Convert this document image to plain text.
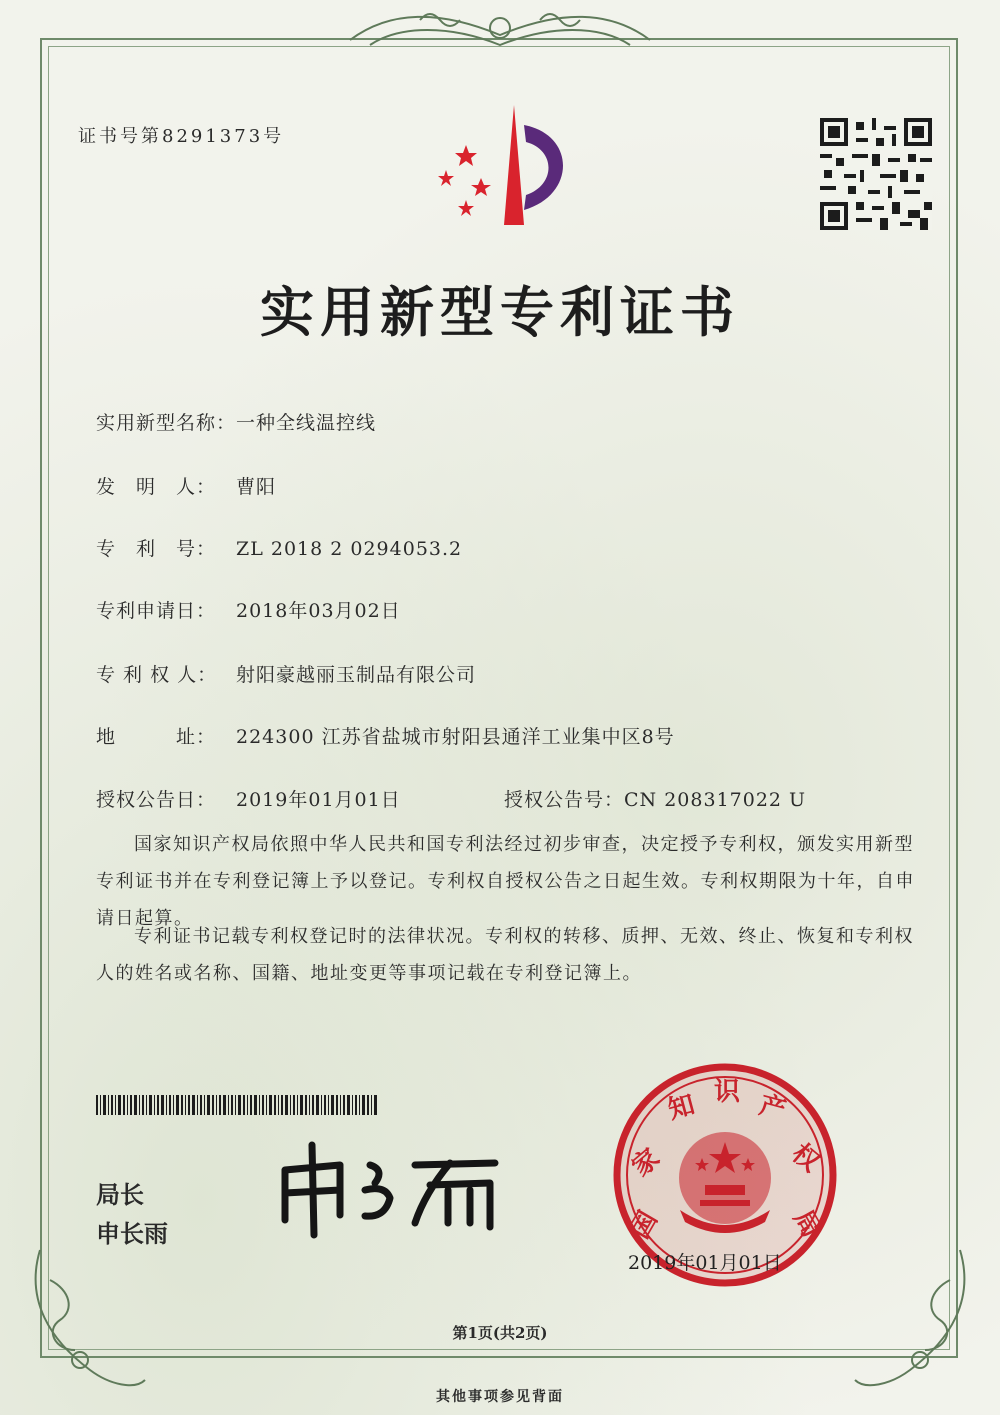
证书号第8291373号
实用新型专利证书
实用新型名称：一种全线温控线
发　明　人： 曹阳
专　利　号： ZL 2018 2 0294053.2
专利申请日： 2018年03月02日
专 利 权 人： 射阳豪越丽玉制品有限公司
地　　　址： 224300 江苏省盐城市射阳县通洋工业集中区8号
授权公告日： 2019年01月01日	授权公告号：CN 208317022 U
国家知识产权局依照中华人民共和国专利法经过初步审查，决定授予专利权，颁发实用新型专利证书并在专利登记簿上予以登记。专利权自授权公告之日起生效。专利权期限为十年，自申请日起算。
专利证书记载专利权登记时的法律状况。专利权的转移、质押、无效、终止、恢复和专利权人的姓名或名称、国籍、地址变更等事项记载在专利登记簿上。
局长
申长雨	国
家
知 识 产
权
局
2019年01月01日
第1页(共2页)
其他事项参见背面
